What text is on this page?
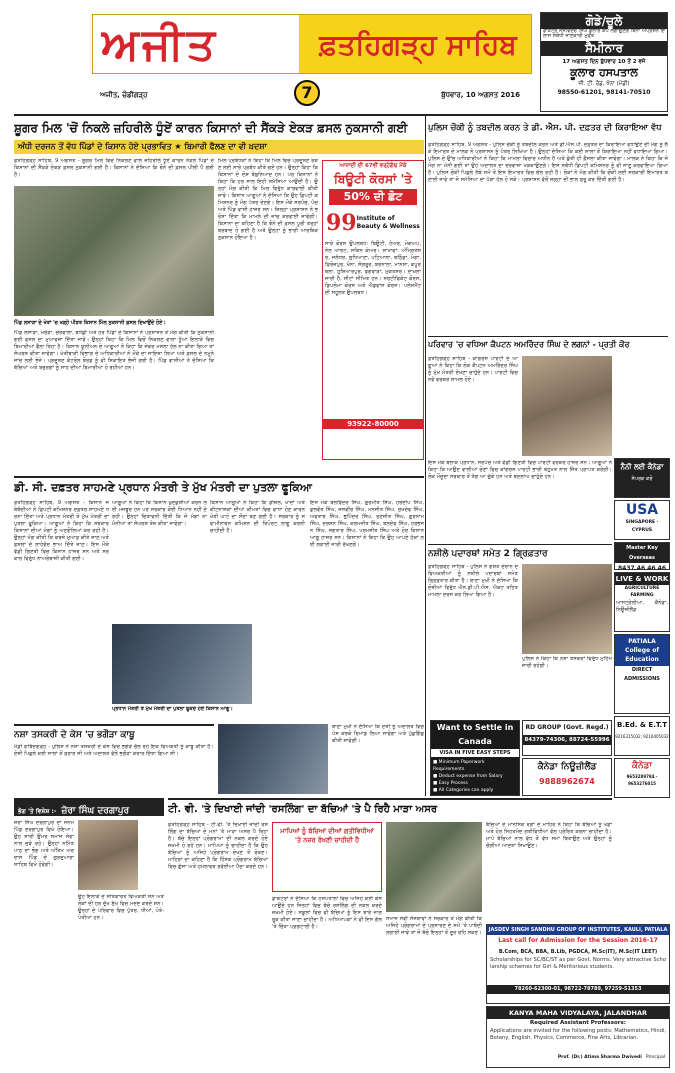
ਅਜੀਤ	ਫ਼ਤਹਿਗੜ੍ਹ ਸਾਹਿਬ
7
ਅਜੀਤ, ਚੰਡੀਗੜ੍ਹ	ਬੁੱਧਵਾਰ, 10 ਅਗਸਤ 2016
ਗੋਡੇ/ਚੂਲੇ
ਡਾਕਟਰ ਜਸਵਿੰਦਰ ਸਿੰਘ ਕੂਲਾਰ ਕੈਂਪ ਲਗਾਉਣਗੇ ਬਿਨਾਂ ਅਪ੍ਰੇਸ਼ਨ ਇਲਾਜ ਸੰਬੰਧੀ ਜਾਣਕਾਰੀ ਮੁਫ਼ਤ
ਸੈਮੀਨਾਰ
17 ਅਗਸਤ ਦਿਨ ਬੁੱਧਵਾਰ 10 ਤੋਂ 2 ਵਜੇ
ਕੂਲਾਰ ਹਸਪਤਾਲ
ਜੀ. ਟੀ. ਰੋਡ, ਖੰਨਾ (ਮੰਡੀ)
98550-61201, 98141-70510
ਸ਼ੂਗਰ ਮਿਲ 'ਚੋਂ ਨਿਕਲੇ ਜ਼ਹਿਰੀਲੇ ਧੂੰਏਂ ਕਾਰਨ ਕਿਸਾਨਾਂ ਦੀ ਸੈਂਕੜੇ ਏਕੜ ਫ਼ਸਲ ਨੁਕਸਾਨੀ ਗਈ
ਅੰਧੀ ਦਰਜਨ ਤੋਂ ਵੱਧ ਪਿੰਡਾਂ ਦੇ ਕਿਸਾਨ ਹੋਏ ਪ੍ਰਭਾਵਿਤ ★ ਬਿਮਾਰੀ ਫੈਲਣ ਦਾ ਵੀ ਖ਼ਦਸ਼ਾ
ਫ਼ਤਹਿਗੜ੍ਹ ਸਾਹਿਬ, 9 ਅਗਸਤ - ਸ਼ੂਗਰ ਮਿਲ ਵਿਚੋਂ ਨਿਕਲਣ ਵਾਲੇ ਜ਼ਹਿਰੀਲੇ ਧੂੰਏਂ ਕਾਰਨ ਨੇੜਲੇ ਪਿੰਡਾਂ ਦੇ ਕਿਸਾਨਾਂ ਦੀ ਸੈਂਕੜੇ ਏਕੜ ਫ਼ਸਲ ਨੁਕਸਾਨੀ ਗਈ ਹੈ। ਕਿਸਾਨਾਂ ਨੇ ਦੱਸਿਆ ਕਿ ਝੋਨੇ ਦੀ ਫ਼ਸਲ ਪੀਲੀ ਪੈ ਗਈ ਹੈ।
ਪਿੰਡ ਲਸਾੜਾ ਦੇ ਖੇਤਾਂ 'ਚ ਖੜ੍ਹੇ ਪੀੜਤ ਕਿਸਾਨ ਮਿੱਲ ਨੁਕਸਾਨੀ ਫ਼ਸਲ ਦਿਖਾਉਂਦੇ ਹੋਏ।
ਪਿੰਡ ਲਸਾੜਾ, ਖਰੌੜਾ, ਚੌਰਵਾਲਾ, ਬਧੌਛੀ ਅਤੇ ਹੋਰ ਪਿੰਡਾਂ ਦੇ ਕਿਸਾਨਾਂ ਨੇ ਪ੍ਰਸ਼ਾਸਨ ਤੋਂ ਮੰਗ ਕੀਤੀ ਕਿ ਨੁਕਸਾਨੀ ਗਈ ਫ਼ਸਲ ਦਾ ਮੁਆਵਜ਼ਾ ਦਿੱਤਾ ਜਾਵੇ। ਉਨ੍ਹਾਂ ਕਿਹਾ ਕਿ ਮਿਲ ਵਿਚੋਂ ਨਿਕਲਣ ਵਾਲਾ ਧੂੰਆਂ ਇਲਾਕੇ ਵਿਚ ਬਿਮਾਰੀਆਂ ਫੈਲਾ ਰਿਹਾ ਹੈ। ਕਿਸਾਨ ਯੂਨੀਅਨ ਦੇ ਆਗੂਆਂ ਨੇ ਕਿਹਾ ਕਿ ਜੇਕਰ ਮਸਲਾ ਹੱਲ ਨਾ ਕੀਤਾ ਗਿਆ ਤਾਂ ਸੰਘਰਸ਼ ਕੀਤਾ ਜਾਵੇਗਾ। ਖੇਤੀਬਾੜੀ ਵਿਭਾਗ ਦੇ ਅਧਿਕਾਰੀਆਂ ਨੇ ਮੌਕੇ ਦਾ ਜਾਇਜ਼ਾ ਲਿਆ ਅਤੇ ਫ਼ਸਲ ਦੇ ਨਮੂਨੇ ਜਾਂਚ ਲਈ ਭੇਜੇ। ਪ੍ਰਦੂਸ਼ਣ ਕੰਟਰੋਲ ਬੋਰਡ ਨੂੰ ਵੀ ਸ਼ਿਕਾਇਤ ਭੇਜੀ ਗਈ ਹੈ। ਪਿੰਡ ਵਾਸੀਆਂ ਨੇ ਦੱਸਿਆ ਕਿ ਬੱਚਿਆਂ ਅਤੇ ਬਜ਼ੁਰਗਾਂ ਨੂੰ ਸਾਹ ਦੀਆਂ ਬਿਮਾਰੀਆਂ ਹੋ ਰਹੀਆਂ ਹਨ।
ਮਿਲ ਪ੍ਰਬੰਧਕਾਂ ਨੇ ਕਿਹਾ ਕਿ ਮਿਲ ਵਿਚ ਪ੍ਰਦੂਸ਼ਣ ਰੋਕਣ ਲਈ ਸਾਰੇ ਪ੍ਰਬੰਧ ਕੀਤੇ ਗਏ ਹਨ। ਉਨ੍ਹਾਂ ਕਿਹਾ ਕਿ ਕਿਸਾਨਾਂ ਦੇ ਦੋਸ਼ ਬੇਬੁਨਿਆਦ ਹਨ। ਪਰ ਕਿਸਾਨਾਂ ਨੇ ਕਿਹਾ ਕਿ ਹਰ ਸਾਲ ਇਹੀ ਸਮੱਸਿਆ ਆਉਂਦੀ ਹੈ। ਉਨ੍ਹਾਂ ਮੰਗ ਕੀਤੀ ਕਿ ਮਿਲ ਵਿਰੁੱਧ ਕਾਰਵਾਈ ਕੀਤੀ ਜਾਵੇ। ਕਿਸਾਨ ਆਗੂਆਂ ਨੇ ਦੱਸਿਆ ਕਿ ਉਹ ਡਿਪਟੀ ਕਮਿਸ਼ਨਰ ਨੂੰ ਮੰਗ ਪੱਤਰ ਦੇਣਗੇ। ਇਸ ਮੌਕੇ ਸਰਪੰਚ, ਪੰਚ ਅਤੇ ਪਿੰਡ ਵਾਸੀ ਹਾਜ਼ਰ ਸਨ। ਜ਼ਿਲ੍ਹਾ ਪ੍ਰਸ਼ਾਸਨ ਨੇ ਭਰੋਸਾ ਦਿੱਤਾ ਕਿ ਮਾਮਲੇ ਦੀ ਜਾਂਚ ਕਰਵਾਈ ਜਾਵੇਗੀ। ਕਿਸਾਨਾਂ ਦਾ ਕਹਿਣਾ ਹੈ ਕਿ ਝੋਨੇ ਦੀ ਫ਼ਸਲ ਪੂਰੀ ਤਰ੍ਹਾਂ ਬਰਬਾਦ ਹੋ ਗਈ ਹੈ ਅਤੇ ਉਨ੍ਹਾਂ ਨੂੰ ਭਾਰੀ ਆਰਥਿਕ ਨੁਕਸਾਨ ਹੋਇਆ ਹੈ।
ਆਜ਼ਾਦੀ ਦੀ 67ਵੀਂ ਵਰ੍ਹੇਗੰਢ ਮੌਕੇ
ਬਿਊਟੀ ਕੋਰਸਾਂ 'ਤੇ
50% ਦੀ ਛੋਟ
99 Institute of Beauty & Wellness
ਸਾਰੇ ਕੋਰਸ ਉਪਲਬਧ: ਬਿਊਟੀ, ਹੇਅਰ, ਮੇਕਅਪ, ਨੇਲ ਆਰਟ, ਸਕਿਨ ਕੇਅਰ। ਸ਼ਾਖਾਵਾਂ: ਅੰਮ੍ਰਿਤਸਰ, ਜਲੰਧਰ, ਲੁਧਿਆਣਾ, ਪਟਿਆਲਾ, ਬਠਿੰਡਾ, ਮੋਗਾ, ਫ਼ਿਰੋਜ਼ਪੁਰ, ਖੰਨਾ, ਸੰਗਰੂਰ, ਬਰਨਾਲਾ, ਮਾਨਸਾ, ਕਪੂਰਥਲਾ, ਹੁਸ਼ਿਆਰਪੁਰ, ਫਗਵਾੜਾ, ਮੁਕਤਸਰ। ਦਾਖ਼ਲਾ ਜਾਰੀ ਹੈ, ਸੀਟਾਂ ਸੀਮਿਤ ਹਨ। ਸਰਟੀਫਿਕੇਟ ਕੋਰਸ, ਡਿਪਲੋਮਾ ਕੋਰਸ ਅਤੇ ਐਡਵਾਂਸ ਕੋਰਸ। ਪਲੇਸਮੈਂਟ ਦੀ ਸਹੂਲਤ ਉਪਲਬਧ।
93922-80000
ਪੁਲਿਸ ਚੌਕੀ ਨੂੰ ਤਬਦੀਲ ਕਰਨ ਤੇ ਡੀ. ਐਸ. ਪੀ. ਦਫ਼ਤਰ ਦੀ ਕਿਰਾਇਆ ਵੱਧ
ਫ਼ਤਹਿਗੜ੍ਹ ਸਾਹਿਬ, 9 ਅਗਸਤ - ਪੁਲਿਸ ਚੌਕੀ ਨੂੰ ਤਬਦੀਲ ਕਰਨ ਅਤੇ ਡੀ.ਐਸ.ਪੀ. ਦਫ਼ਤਰ ਦਾ ਕਿਰਾਇਆ ਵਧਾਉਣ ਦੀ ਮੰਗ ਨੂੰ ਲੈ ਕੇ ਇਮਾਰਤ ਦੇ ਮਾਲਕ ਨੇ ਪ੍ਰਸ਼ਾਸਨ ਨੂੰ ਪੱਤਰ ਲਿਖਿਆ ਹੈ। ਉਨ੍ਹਾਂ ਦੱਸਿਆ ਕਿ ਕਈ ਸਾਲਾਂ ਤੋਂ ਕਿਰਾਇਆ ਨਹੀਂ ਵਧਾਇਆ ਗਿਆ। ਪੁਲਿਸ ਦੇ ਉੱਚ ਅਧਿਕਾਰੀਆਂ ਨੇ ਕਿਹਾ ਕਿ ਮਾਮਲਾ ਵਿਚਾਰ ਅਧੀਨ ਹੈ ਅਤੇ ਛੇਤੀ ਹੀ ਫ਼ੈਸਲਾ ਕੀਤਾ ਜਾਵੇਗਾ। ਮਾਲਕ ਨੇ ਕਿਹਾ ਕਿ ਜੇ ਮੰਗ ਨਾ ਮੰਨੀ ਗਈ ਤਾਂ ਉਹ ਅਦਾਲਤ ਦਾ ਦਰਵਾਜ਼ਾ ਖੜਕਾਉਣਗੇ। ਇਸ ਸਬੰਧੀ ਡਿਪਟੀ ਕਮਿਸ਼ਨਰ ਨੂੰ ਵੀ ਜਾਣੂ ਕਰਵਾਇਆ ਗਿਆ ਹੈ। ਪੁਲਿਸ ਚੌਕੀ ਪਿਛਲੇ ਲੰਬੇ ਸਮੇਂ ਤੋਂ ਇਸ ਇਮਾਰਤ ਵਿਚ ਚੱਲ ਰਹੀ ਹੈ। ਲੋਕਾਂ ਨੇ ਮੰਗ ਕੀਤੀ ਕਿ ਚੌਕੀ ਲਈ ਸਰਕਾਰੀ ਇਮਾਰਤ ਬਣਾਈ ਜਾਵੇ ਤਾਂ ਜੋ ਸਮੱਸਿਆ ਦਾ ਪੱਕਾ ਹੱਲ ਹੋ ਸਕੇ। ਪ੍ਰਸ਼ਾਸਨ ਵੱਲੋਂ ਜਗ੍ਹਾ ਦੀ ਭਾਲ ਸ਼ੁਰੂ ਕਰ ਦਿੱਤੀ ਗਈ ਹੈ।
ਪਰਿਵਾਰ 'ਚ ਵਧਿਆ ਕੈਪਟਨ ਅਮਰਿੰਦਰ ਸਿੰਘ ਦੇ ਲਗਨਾਂ - ਪ੍ਰਤੀ ਕੌਰ
ਫ਼ਤਹਿਗੜ੍ਹ ਸਾਹਿਬ - ਕਾਂਗਰਸ ਪਾਰਟੀ ਦੇ ਆਗੂਆਂ ਨੇ ਕਿਹਾ ਕਿ ਲੋਕ ਕੈਪਟਨ ਅਮਰਿੰਦਰ ਸਿੰਘ ਨੂੰ ਮੁੱਖ ਮੰਤਰੀ ਦੇਖਣਾ ਚਾਹੁੰਦੇ ਹਨ। ਪਾਰਟੀ ਵਿਚ ਨਵੇਂ ਵਰਕਰ ਸ਼ਾਮਲ ਹੋਏ।
ਇਸ ਮੌਕੇ ਬਲਾਕ ਪ੍ਰਧਾਨ, ਸਰਪੰਚ ਅਤੇ ਵੱਡੀ ਗਿਣਤੀ ਵਿਚ ਪਾਰਟੀ ਵਰਕਰ ਹਾਜ਼ਰ ਸਨ। ਆਗੂਆਂ ਨੇ ਕਿਹਾ ਕਿ ਆਉਣ ਵਾਲੀਆਂ ਚੋਣਾਂ ਵਿਚ ਕਾਂਗਰਸ ਪਾਰਟੀ ਭਾਰੀ ਬਹੁਮਤ ਨਾਲ ਜਿੱਤ ਪ੍ਰਾਪਤ ਕਰੇਗੀ। ਲੋਕ ਮੌਜੂਦਾ ਸਰਕਾਰ ਤੋਂ ਤੰਗ ਆ ਚੁੱਕੇ ਹਨ ਅਤੇ ਬਦਲਾਅ ਚਾਹੁੰਦੇ ਹਨ।
ਡੀ. ਸੀ. ਦਫ਼ਤਰ ਸਾਹਮਣੇ ਪ੍ਰਧਾਨ ਮੰਤਰੀ ਤੇ ਮੁੱਖ ਮੰਤਰੀ ਦਾ ਪੁਤਲਾ ਫੂਕਿਆ
ਫ਼ਤਹਿਗੜ੍ਹ ਸਾਹਿਬ, 9 ਅਗਸਤ - ਕਿਸਾਨ ਜਥੇਬੰਦੀਆਂ ਨੇ ਡਿਪਟੀ ਕਮਿਸ਼ਨਰ ਦਫ਼ਤਰ ਸਾਹਮਣੇ ਧਰਨਾ ਦਿੱਤਾ ਅਤੇ ਪ੍ਰਧਾਨ ਮੰਤਰੀ ਤੇ ਮੁੱਖ ਮੰਤਰੀ ਦਾ ਪੁਤਲਾ ਫੂਕਿਆ। ਆਗੂਆਂ ਨੇ ਕਿਹਾ ਕਿ ਸਰਕਾਰ ਕਿਸਾਨਾਂ ਦੀਆਂ ਮੰਗਾਂ ਨੂੰ ਅਣਗੌਲਿਆਂ ਕਰ ਰਹੀ ਹੈ। ਉਨ੍ਹਾਂ ਮੰਗ ਕੀਤੀ ਕਿ ਕਰਜ਼ੇ ਮੁਆਫ਼ ਕੀਤੇ ਜਾਣ ਅਤੇ ਫ਼ਸਲਾਂ ਦੇ ਲਾਹੇਵੰਦ ਭਾਅ ਦਿੱਤੇ ਜਾਣ। ਇਸ ਮੌਕੇ ਵੱਡੀ ਗਿਣਤੀ ਵਿਚ ਕਿਸਾਨ ਹਾਜ਼ਰ ਸਨ ਅਤੇ ਸਰਕਾਰ ਵਿਰੁੱਧ ਨਾਅਰੇਬਾਜ਼ੀ ਕੀਤੀ ਗਈ।
ਆਗੂਆਂ ਨੇ ਕਿਹਾ ਕਿ ਕਿਸਾਨ ਖ਼ੁਦਕੁਸ਼ੀਆਂ ਕਰਨ ਲਈ ਮਜਬੂਰ ਹਨ ਪਰ ਸਰਕਾਰ ਕੋਈ ਧਿਆਨ ਨਹੀਂ ਦੇ ਰਹੀ। ਉਨ੍ਹਾਂ ਚਿਤਾਵਨੀ ਦਿੱਤੀ ਕਿ ਜੇ ਮੰਗਾਂ ਨਾ ਮੰਨੀਆਂ ਤਾਂ ਸੰਘਰਸ਼ ਤੇਜ਼ ਕੀਤਾ ਜਾਵੇਗਾ।
ਪ੍ਰਧਾਨ ਮੰਤਰੀ ਤੇ ਮੁੱਖ ਮੰਤਰੀ ਦਾ ਪੁਤਲਾ ਫੂਕਦੇ ਹੋਏ ਕਿਸਾਨ ਆਗੂ।
ਕਿਸਾਨ ਆਗੂਆਂ ਨੇ ਕਿਹਾ ਕਿ ਡੀਜ਼ਲ, ਖਾਦਾਂ ਅਤੇ ਕੀਟਨਾਸ਼ਕਾਂ ਦੀਆਂ ਕੀਮਤਾਂ ਵਿਚ ਵਾਧਾ ਹੋਣ ਕਾਰਨ ਖੇਤੀ ਘਾਟੇ ਦਾ ਸੌਦਾ ਬਣ ਗਈ ਹੈ। ਸਰਕਾਰ ਨੂੰ ਸਵਾਮੀਨਾਥਨ ਕਮਿਸ਼ਨ ਦੀ ਰਿਪੋਰਟ ਲਾਗੂ ਕਰਨੀ ਚਾਹੀਦੀ ਹੈ।
ਇਸ ਮੌਕੇ ਬਲਵਿੰਦਰ ਸਿੰਘ, ਗੁਰਮੀਤ ਸਿੰਘ, ਹਰਦੀਪ ਸਿੰਘ, ਕੁਲਵੰਤ ਸਿੰਘ, ਜਸਵੀਰ ਸਿੰਘ, ਮਨਜੀਤ ਸਿੰਘ, ਸੁਖਦੇਵ ਸਿੰਘ, ਅਵਤਾਰ ਸਿੰਘ, ਭੁਪਿੰਦਰ ਸਿੰਘ, ਰਣਜੀਤ ਸਿੰਘ, ਗੁਰਨਾਮ ਸਿੰਘ, ਦਰਸ਼ਨ ਸਿੰਘ, ਕਰਮਜੀਤ ਸਿੰਘ, ਬਲਦੇਵ ਸਿੰਘ, ਹਰਭਜਨ ਸਿੰਘ, ਜਗਤਾਰ ਸਿੰਘ, ਪਰਮਜੀਤ ਸਿੰਘ ਅਤੇ ਹੋਰ ਕਿਸਾਨ ਆਗੂ ਹਾਜ਼ਰ ਸਨ। ਕਿਸਾਨਾਂ ਨੇ ਕਿਹਾ ਕਿ ਉਹ ਆਪਣੇ ਹੱਕਾਂ ਲਈ ਲੜਾਈ ਜਾਰੀ ਰੱਖਣਗੇ।
ਨਸ਼ੀਲੇ ਪਦਾਰਥਾਂ ਸਮੇਤ 2 ਗ੍ਰਿਫ਼ਤਾਰ
ਫ਼ਤਹਿਗੜ੍ਹ ਸਾਹਿਬ - ਪੁਲਿਸ ਨੇ ਗਸ਼ਤ ਦੌਰਾਨ ਦੋ ਵਿਅਕਤੀਆਂ ਨੂੰ ਨਸ਼ੀਲੇ ਪਦਾਰਥਾਂ ਸਮੇਤ ਗ੍ਰਿਫ਼ਤਾਰ ਕੀਤਾ ਹੈ। ਥਾਣਾ ਮੁਖੀ ਨੇ ਦੱਸਿਆ ਕਿ ਦੋਸ਼ੀਆਂ ਵਿਰੁੱਧ ਐਨ.ਡੀ.ਪੀ.ਐਸ. ਐਕਟ ਤਹਿਤ ਮਾਮਲਾ ਦਰਜ ਕਰ ਲਿਆ ਗਿਆ ਹੈ।
ਪੁਲਿਸ ਨੇ ਕਿਹਾ ਕਿ ਨਸ਼ਾ ਤਸਕਰਾਂ ਵਿਰੁੱਧ ਮੁਹਿੰਮ ਜਾਰੀ ਰਹੇਗੀ।
ਨਸ਼ਾ ਤਸਕਰੀ ਦੇ ਕੇਸ 'ਚ ਭਗੌੜਾ ਕਾਬੂ
ਮੰਡੀ ਗੋਬਿੰਦਗੜ੍ਹ - ਪੁਲਿਸ ਨੇ ਨਸ਼ਾ ਤਸਕਰੀ ਦੇ ਕੇਸ ਵਿਚ ਭਗੌੜੇ ਚੱਲ ਰਹੇ ਇਕ ਵਿਅਕਤੀ ਨੂੰ ਕਾਬੂ ਕੀਤਾ ਹੈ। ਦੋਸ਼ੀ ਪਿਛਲੇ ਕਈ ਸਾਲਾਂ ਤੋਂ ਫ਼ਰਾਰ ਸੀ ਅਤੇ ਅਦਾਲਤ ਵੱਲੋਂ ਭਗੌੜਾ ਕਰਾਰ ਦਿੱਤਾ ਗਿਆ ਸੀ।
ਥਾਣਾ ਮੁਖੀ ਨੇ ਦੱਸਿਆ ਕਿ ਦੋਸ਼ੀ ਨੂੰ ਅਦਾਲਤ ਵਿਚ ਪੇਸ਼ ਕਰਕੇ ਰਿਮਾਂਡ ਲਿਆ ਜਾਵੇਗਾ ਅਤੇ ਪੁੱਛਗਿੱਛ ਕੀਤੀ ਜਾਵੇਗੀ।
ਭੋਗ 'ਤੇ ਵਿਸ਼ੇਸ਼ :- ਜ਼ੋਰਾ ਸਿੰਘ ਦਰਗਾਪੁਰ
ਜ਼ੋਰਾ ਸਿੰਘ ਦਰਗਾਪੁਰ ਦਾ ਜਨਮ ਪਿੰਡ ਦਰਗਾਪੁਰ ਵਿਖੇ ਹੋਇਆ। ਉਹ ਸਾਰੀ ਉਮਰ ਸਮਾਜ ਸੇਵਾ ਨਾਲ ਜੁੜੇ ਰਹੇ। ਉਨ੍ਹਾਂ ਨਮਿੱਤ ਪਾਠ ਦਾ ਭੋਗ ਅਤੇ ਅੰਤਿਮ ਅਰਦਾਸ ਪਿੰਡ ਦੇ ਗੁਰਦੁਆਰਾ ਸਾਹਿਬ ਵਿਖੇ ਹੋਵੇਗੀ।
ਉਹ ਇਲਾਕੇ ਦੇ ਸਤਿਕਾਰਤ ਵਿਅਕਤੀ ਸਨ ਅਤੇ ਲੋਕਾਂ ਦੀ ਹਰ ਦੁੱਖ ਸੁੱਖ ਵਿਚ ਮਦਦ ਕਰਦੇ ਸਨ। ਉਨ੍ਹਾਂ ਦੇ ਪਰਿਵਾਰ ਵਿਚ ਪੁੱਤਰ, ਧੀਆਂ, ਪੋਤੇ-ਪੋਤੀਆਂ ਹਨ।
ਟੀ. ਵੀ. 'ਤੇ ਦਿਖਾਈ ਜਾਂਦੀ 'ਰਸਲਿੰਗ' ਦਾ ਬੱਚਿਆਂ 'ਤੇ ਪੈ ਰਿਹੈ ਮਾੜਾ ਅਸਰ
ਫ਼ਤਹਿਗੜ੍ਹ ਸਾਹਿਬ - ਟੀ.ਵੀ. 'ਤੇ ਦਿਖਾਈ ਜਾਂਦੀ ਰਸਲਿੰਗ ਦਾ ਬੱਚਿਆਂ ਦੇ ਮਨਾਂ 'ਤੇ ਮਾੜਾ ਅਸਰ ਪੈ ਰਿਹਾ ਹੈ। ਬੱਚੇ ਇਨ੍ਹਾਂ ਪ੍ਰੋਗਰਾਮਾਂ ਦੀ ਨਕਲ ਕਰਦੇ ਹੋਏ ਜ਼ਖ਼ਮੀ ਹੋ ਰਹੇ ਹਨ। ਮਾਪਿਆਂ ਨੂੰ ਚਾਹੀਦਾ ਹੈ ਕਿ ਉਹ ਬੱਚਿਆਂ ਨੂੰ ਅਜਿਹੇ ਪ੍ਰੋਗਰਾਮ ਦੇਖਣ ਤੋਂ ਰੋਕਣ। ਮਾਹਿਰਾਂ ਦਾ ਕਹਿਣਾ ਹੈ ਕਿ ਹਿੰਸਕ ਪ੍ਰੋਗਰਾਮ ਬੱਚਿਆਂ ਵਿਚ ਗੁੱਸਾ ਅਤੇ ਹਮਲਾਵਰ ਰਵੱਈਆ ਪੈਦਾ ਕਰਦੇ ਹਨ।
ਮਾਪਿਆਂ ਨੂੰ ਬੱਚਿਆਂ ਦੀਆਂ ਗਤੀਵਿਧੀਆਂ 'ਤੇ ਨਜ਼ਰ ਰੱਖਣੀ ਚਾਹੀਦੀ ਹੈ
ਡਾਕਟਰਾਂ ਨੇ ਦੱਸਿਆ ਕਿ ਹਸਪਤਾਲਾਂ ਵਿਚ ਅਜਿਹੇ ਕਈ ਕੇਸ ਆਉਂਦੇ ਹਨ ਜਿਨ੍ਹਾਂ ਵਿਚ ਬੱਚੇ ਰਸਲਿੰਗ ਦੀ ਨਕਲ ਕਰਦੇ ਜ਼ਖ਼ਮੀ ਹੋਏ। ਸਕੂਲਾਂ ਵਿਚ ਵੀ ਬੱਚਿਆਂ ਨੂੰ ਇਸ ਬਾਰੇ ਜਾਗਰੂਕ ਕੀਤਾ ਜਾਣਾ ਚਾਹੀਦਾ ਹੈ। ਅਧਿਆਪਕਾਂ ਨੇ ਵੀ ਇਸ ਗੱਲ 'ਤੇ ਚਿੰਤਾ ਪ੍ਰਗਟਾਈ ਹੈ।
ਸਮਾਜ ਸੇਵੀ ਸੰਸਥਾਵਾਂ ਨੇ ਸਰਕਾਰ ਤੋਂ ਮੰਗ ਕੀਤੀ ਕਿ ਅਜਿਹੇ ਪ੍ਰੋਗਰਾਮਾਂ ਦੇ ਪ੍ਰਸਾਰਣ ਦੇ ਸਮੇਂ 'ਤੇ ਪਾਬੰਦੀ ਲਗਾਈ ਜਾਵੇ ਤਾਂ ਜੋ ਬੱਚੇ ਇਨ੍ਹਾਂ ਤੋਂ ਦੂਰ ਰਹਿ ਸਕਣ।
ਬੱਚਿਆਂ ਦੇ ਮਾਨਸਿਕ ਰੋਗਾਂ ਦੇ ਮਾਹਿਰ ਨੇ ਕਿਹਾ ਕਿ ਬੱਚਿਆਂ ਨੂੰ ਖੇਡਾਂ ਅਤੇ ਹੋਰ ਸਿਹਤਮੰਦ ਗਤੀਵਿਧੀਆਂ ਵੱਲ ਪ੍ਰੇਰਿਤ ਕਰਨਾ ਚਾਹੀਦਾ ਹੈ। ਮਾਪੇ ਬੱਚਿਆਂ ਨਾਲ ਵੱਧ ਤੋਂ ਵੱਧ ਸਮਾਂ ਬਿਤਾਉਣ ਅਤੇ ਉਨ੍ਹਾਂ ਨੂੰ ਚੰਗੀਆਂ ਆਦਤਾਂ ਸਿਖਾਉਣ।
ਨੈਨੀ ਲਈ ਕੈਨੇਡਾ
ਸੰਪਰਕ ਕਰੋ
USA
SINGAPORE · CYPRUS
Master Key Overseas
8437 46 46 46
LIVE & WORK
AGRICULTURE FARMING
ਆਸਟ੍ਰੇਲੀਆ, ਕੈਨੇਡਾ, ਨਿਊਜ਼ੀਲੈਂਡ
Want to Settle in Canada
VISA IN FIVE EASY STEPS
■ Minimum Paperwork Requirements
■ Deduct expense from Salary
■ Easy Process
■ All Categories can apply
RD GROUP (Govt. Regd.)
84379-74306, 88724-55996
ਕੈਨੇਡਾ ਨਿਊਜ਼ੀਲੈਂਡ
9888962674
PATIALA College of Education
DIRECT ADMISSIONS
B.Ed. & E.T.T
9216315032, 9216405032
ਕੈਨੇਡਾ
9653289784 · 9653276015
JASDEV SINGH SANDHU GROUP OF INSTITUTES, KAULI, PATIALA
Last call for Admission for the Session 2016-17
B.Com, BCA, BBA, B.Lib, PGDCA, M.Sc(IT), M.Sc(IT LEET)
Scholarships for SC/BC/ST as per Govt. Norms. Very attractive Scholarship schemes for Girl & Meritorious students.
78260-62300-01, 98722-78789, 97259-51353
KANYA MAHA VIDYALAYA, JALANDHAR
Required Assistant Professors:
Applications are invited for the following posts: Mathematics, Hindi, Botany, English, Physics, Commerce, Fine Arts, Librarian.
Prof. (Dr.) Atima Sharma Dwivedi Principal
